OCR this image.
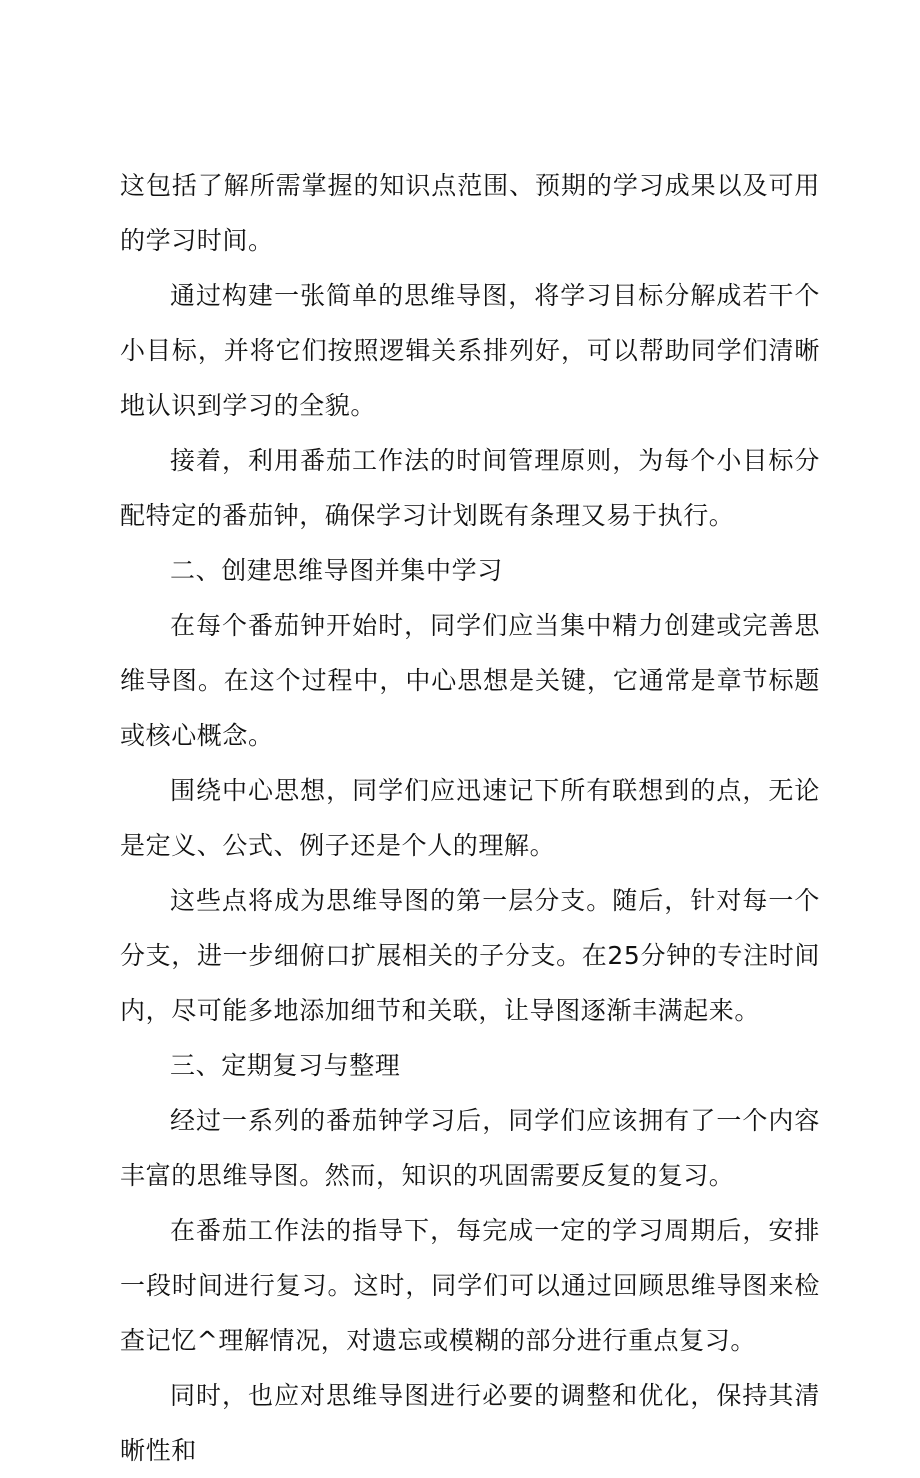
这包括了解所需掌握的知识点范围、预期的学习成果以及可用的学习时间。

通过构建一张简单的思维导图，将学习目标分解成若干个小目标，并将它们按照逻辑关系排列好，可以帮助同学们清晰地认识到学习的全貌。

接着，利用番茄工作法的时间管理原则，为每个小目标分配特定的番茄钟，确保学习计划既有条理又易于执行。

二、创建思维导图并集中学习

在每个番茄钟开始时，同学们应当集中精力创建或完善思维导图。在这个过程中，中心思想是关键，它通常是章节标题或核心概念。

围绕中心思想，同学们应迅速记下所有联想到的点，无论是定义、公式、例子还是个人的理解。

这些点将成为思维导图的第一层分支。随后，针对每一个分支，进一步细俯口扩展相关的子分支。在25分钟的专注时间内，尽可能多地添加细节和关联，让导图逐渐丰满起来。

三、定期复习与整理

经过一系列的番茄钟学习后，同学们应该拥有了一个内容丰富的思维导图。然而，知识的巩固需要反复的复习。

在番茄工作法的指导下，每完成一定的学习周期后，安排一段时间进行复习。这时，同学们可以通过回顾思维导图来检查记忆^理解情况，对遗忘或模糊的部分进行重点复习。

同时，也应对思维导图进行必要的调整和优化，保持其清晰性和
